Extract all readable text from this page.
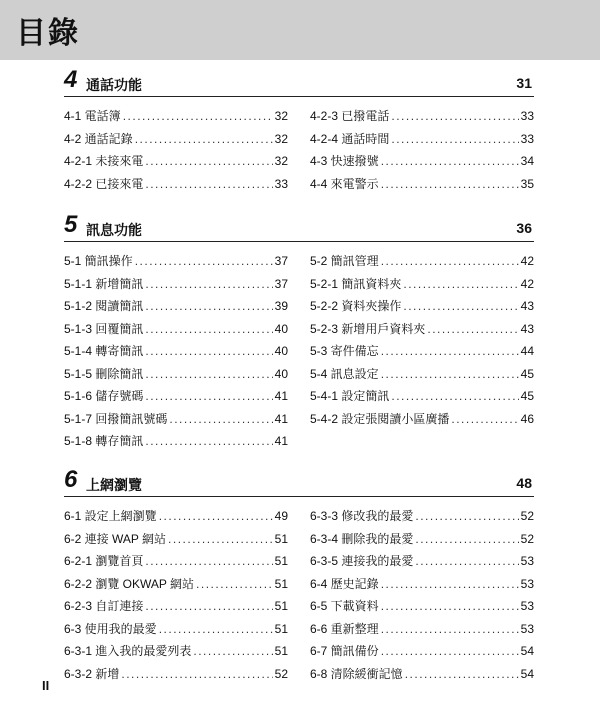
目錄
4 通話功能	31
4-1 電話簿 .....	32
4-2 通話記錄 .....	32
4-2-1 未接來電 .....	32
4-2-2 已接來電 .....	33
4-2-3 已撥電話 .....	33
4-2-4 通話時間 .....	33
4-3 快速撥號 .....	34
4-4 來電警示 .....	35
5 訊息功能	36
5-1 簡訊操作 .....	37
5-1-1 新增簡訊 .....	37
5-1-2 閱讀簡訊 .....	39
5-1-3 回覆簡訊 .....	40
5-1-4 轉寄簡訊 .....	40
5-1-5 刪除簡訊 .....	40
5-1-6 儲存號碼 .....	41
5-1-7 回撥簡訊號碼 .....	41
5-1-8 轉存簡訊 .....	41
5-2 簡訊管理 .....	42
5-2-1 簡訊資料夾 .....	42
5-2-2 資料夾操作 .....	43
5-2-3 新增用戶資料夾 .....	43
5-3 寄件備忘 .....	44
5-4 訊息設定 .....	45
5-4-1 設定簡訊 .....	45
5-4-2 設定張閱讀小區廣播 .....	46
6 上網瀏覽	48
6-1 設定上網瀏覽 .....	49
6-2 連接 WAP 網站 .....	51
6-2-1 瀏覽首頁 .....	51
6-2-2 瀏覽 OKWAP 網站 .....	51
6-2-3 自訂連接 .....	51
6-3 使用我的最愛 .....	51
6-3-1 進入我的最愛列表 .....	51
6-3-2 新增 .....	52
6-3-3 修改我的最愛 .....	52
6-3-4 刪除我的最愛 .....	52
6-3-5 連接我的最愛 .....	53
6-4 歷史記錄 .....	53
6-5 下載資料 .....	53
6-6 重新整理 .....	53
6-7 簡訊備份 .....	54
6-8 清除緩衝記憶 .....	54
II
